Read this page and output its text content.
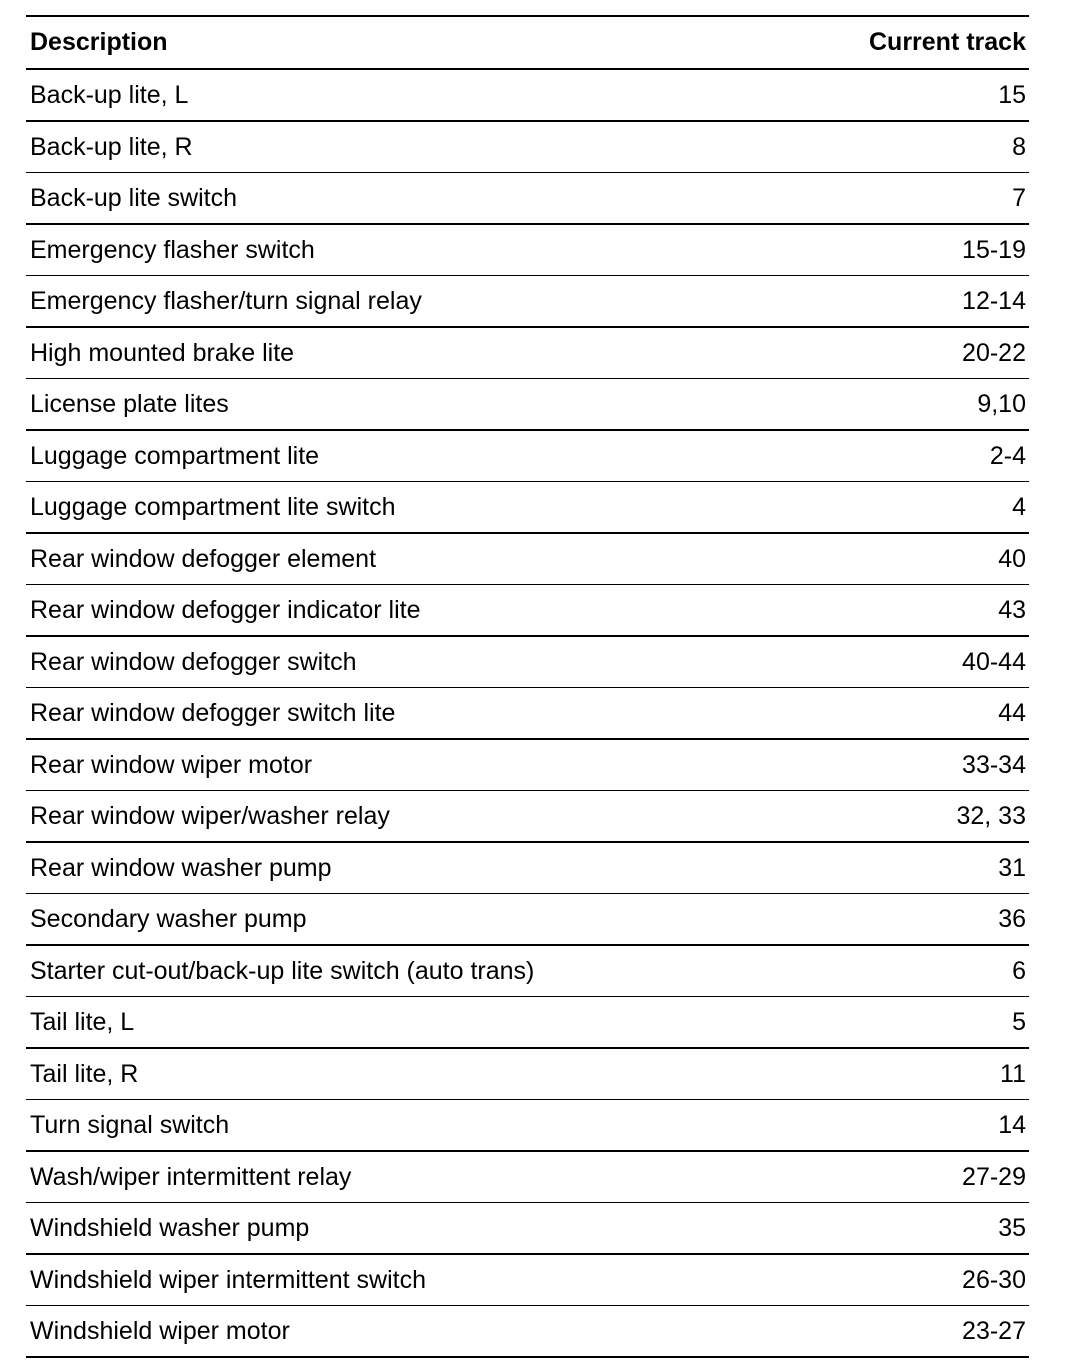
Description	Current track
Back-up lite, L	15
Back-up lite, R	8
Back-up lite switch	7
Emergency flasher switch	15-19
Emergency flasher/turn signal relay	12-14
High mounted brake lite	20-22
License plate lites	9,10
Luggage compartment lite	2-4
Luggage compartment lite switch	4
Rear window defogger element	40
Rear window defogger indicator lite	43
Rear window defogger switch	40-44
Rear window defogger switch lite	44
Rear window wiper motor	33-34
Rear window wiper/washer relay	32, 33
Rear window washer pump	31
Secondary washer pump	36
Starter cut-out/back-up lite switch (auto trans)	6
Tail lite, L	5
Tail lite, R	11
Turn signal switch	14
Wash/wiper intermittent relay	27-29
Windshield washer pump	35
Windshield wiper intermittent switch	26-30
Windshield wiper motor	23-27
